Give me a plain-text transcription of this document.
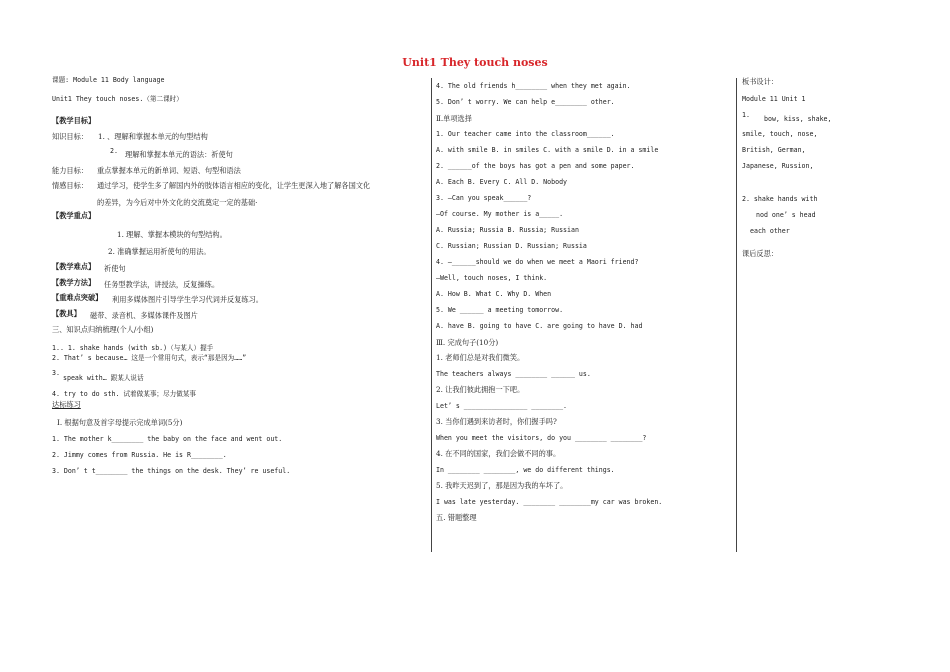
Unit1 They touch noses
课题: Module 11 Body language
Unit1 They touch noses.（第二课时）
【教学目标】
知识目标： 1. 、理解和掌握本单元的句型结构
2. 理解和掌握本单元的语法：祈使句
能力目标： 重点掌握本单元的新单词、短语、句型和语法
情感目标： 通过学习，使学生多了解国内外的肢体语言相应的变化，让学生更深入地了解各国文化
的差异，为今后对中外文化的交流奠定一定的基础·
【教学重点】
1. 理解、掌握本模块的句型结构。
2. 准确掌握运用祈使句的用法。
【教学难点】 祈使句
【教学方法】 任务型教学法，讲授法，反复操练。
【重难点突破】 利用多媒体图片引导学生学习代词并反复练习。
【教具】 磁带、录音机、多媒体课件及图片
三、知识点归纳梳理(个人/小组)
1.. 1. shake hands (with sb.)（与某人）握手
2. That’ s because… 这是一个常用句式，表示“那是因为……”
3.
speak with… 跟某人说话
4. try to do sth. 试着做某事；尽力做某事
达标练习
Ⅰ. 根据句意及首字母提示完成单词(5分)
1. The mother k________ the baby on the face and went out.
2. Jimmy comes from Russia. He is R________.
3. Don’ t t________ the things on the desk. They’ re useful.
4. The old friends h________ when they met again.
5. Don’ t worry. We can help e________ other.
Ⅱ.单项选择
1. Our teacher came into the classroom______.
A. with smile B. in smiles C. with a smile D. in a smile
2. ______of the boys has got a pen and some paper.
A. Each B. Every C. All D. Nobody
3. —Can you speak______?
—Of course. My mother is a_____.
A. Russia; Russia B. Russia; Russian
C. Russian; Russian D. Russian; Russia
4. —______should we do when we meet a Maori friend?
—Well, touch noses, I think.
A. How B. What C. Why D. When
5. We ______ a meeting tomorrow.
A. have B. going to have C. are going to have D. had
Ⅲ. 完成句子(10分)
1. 老师们总是对我们微笑。
The teachers always ________ ______ us.
2. 让我们彼此拥抱一下吧。
Let’ s ________________ ________.
3. 当你们遇到来访者时，你们握手吗?
When you meet the visitors, do you ________ ________?
4. 在不同的国家，我们会做不同的事。
In ________ ________, we do different things.
5. 我昨天迟到了，那是因为我的车坏了。
I was late yesterday. ________ ________my car was broken.
五. 错题整理
板书设计：
Module 11 Unit 1
1. bow, kiss, shake,
smile, touch, nose,
British, German,
Japanese, Russion,
2. shake hands with
nod one’ s head
each other
课后反思：
